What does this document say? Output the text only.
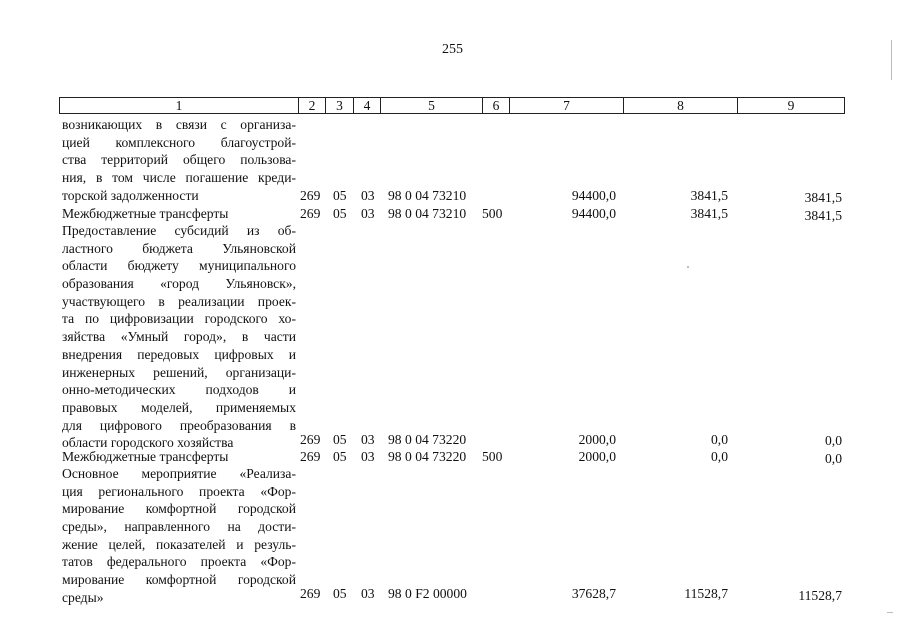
255
1	2	3	4	5	6	7	8	9
возникающих в связи с организа-
цией комплексного благоустрой-
ства территорий общего пользова-
ния, в том числе погашение креди-
торской задолженности	269 05 03 98 0 04 73210	94400,0	3841,5	3841,5
Межбюджетные трансферты	269 05 03 98 0 04 73210 500	94400,0	3841,5	3841,5
Предоставление субсидий из об-
ластного бюджета Ульяновской
области бюджету муниципального
образования «город Ульяновск»,
участвующего в реализации проек-
та по цифровизации городского хо-
зяйства «Умный город», в части
внедрения передовых цифровых и
инженерных решений, организаци-
онно-методических подходов и
правовых моделей, применяемых
для цифрового преобразования в
области городского хозяйства	269 05 03 98 0 04 73220	2000,0	0,0	0,0
Межбюджетные трансферты	269 05 03 98 0 04 73220 500	2000,0	0,0	0,0
Основное мероприятие «Реализа-
ция регионального проекта «Фор-
мирование комфортной городской
среды», направленного на дости-
жение целей, показателей и резуль-
татов федерального проекта «Фор-
мирование комфортной городской
среды»	269 05 03 98 0 F2 00000	37628,7	11528,7	11528,7
